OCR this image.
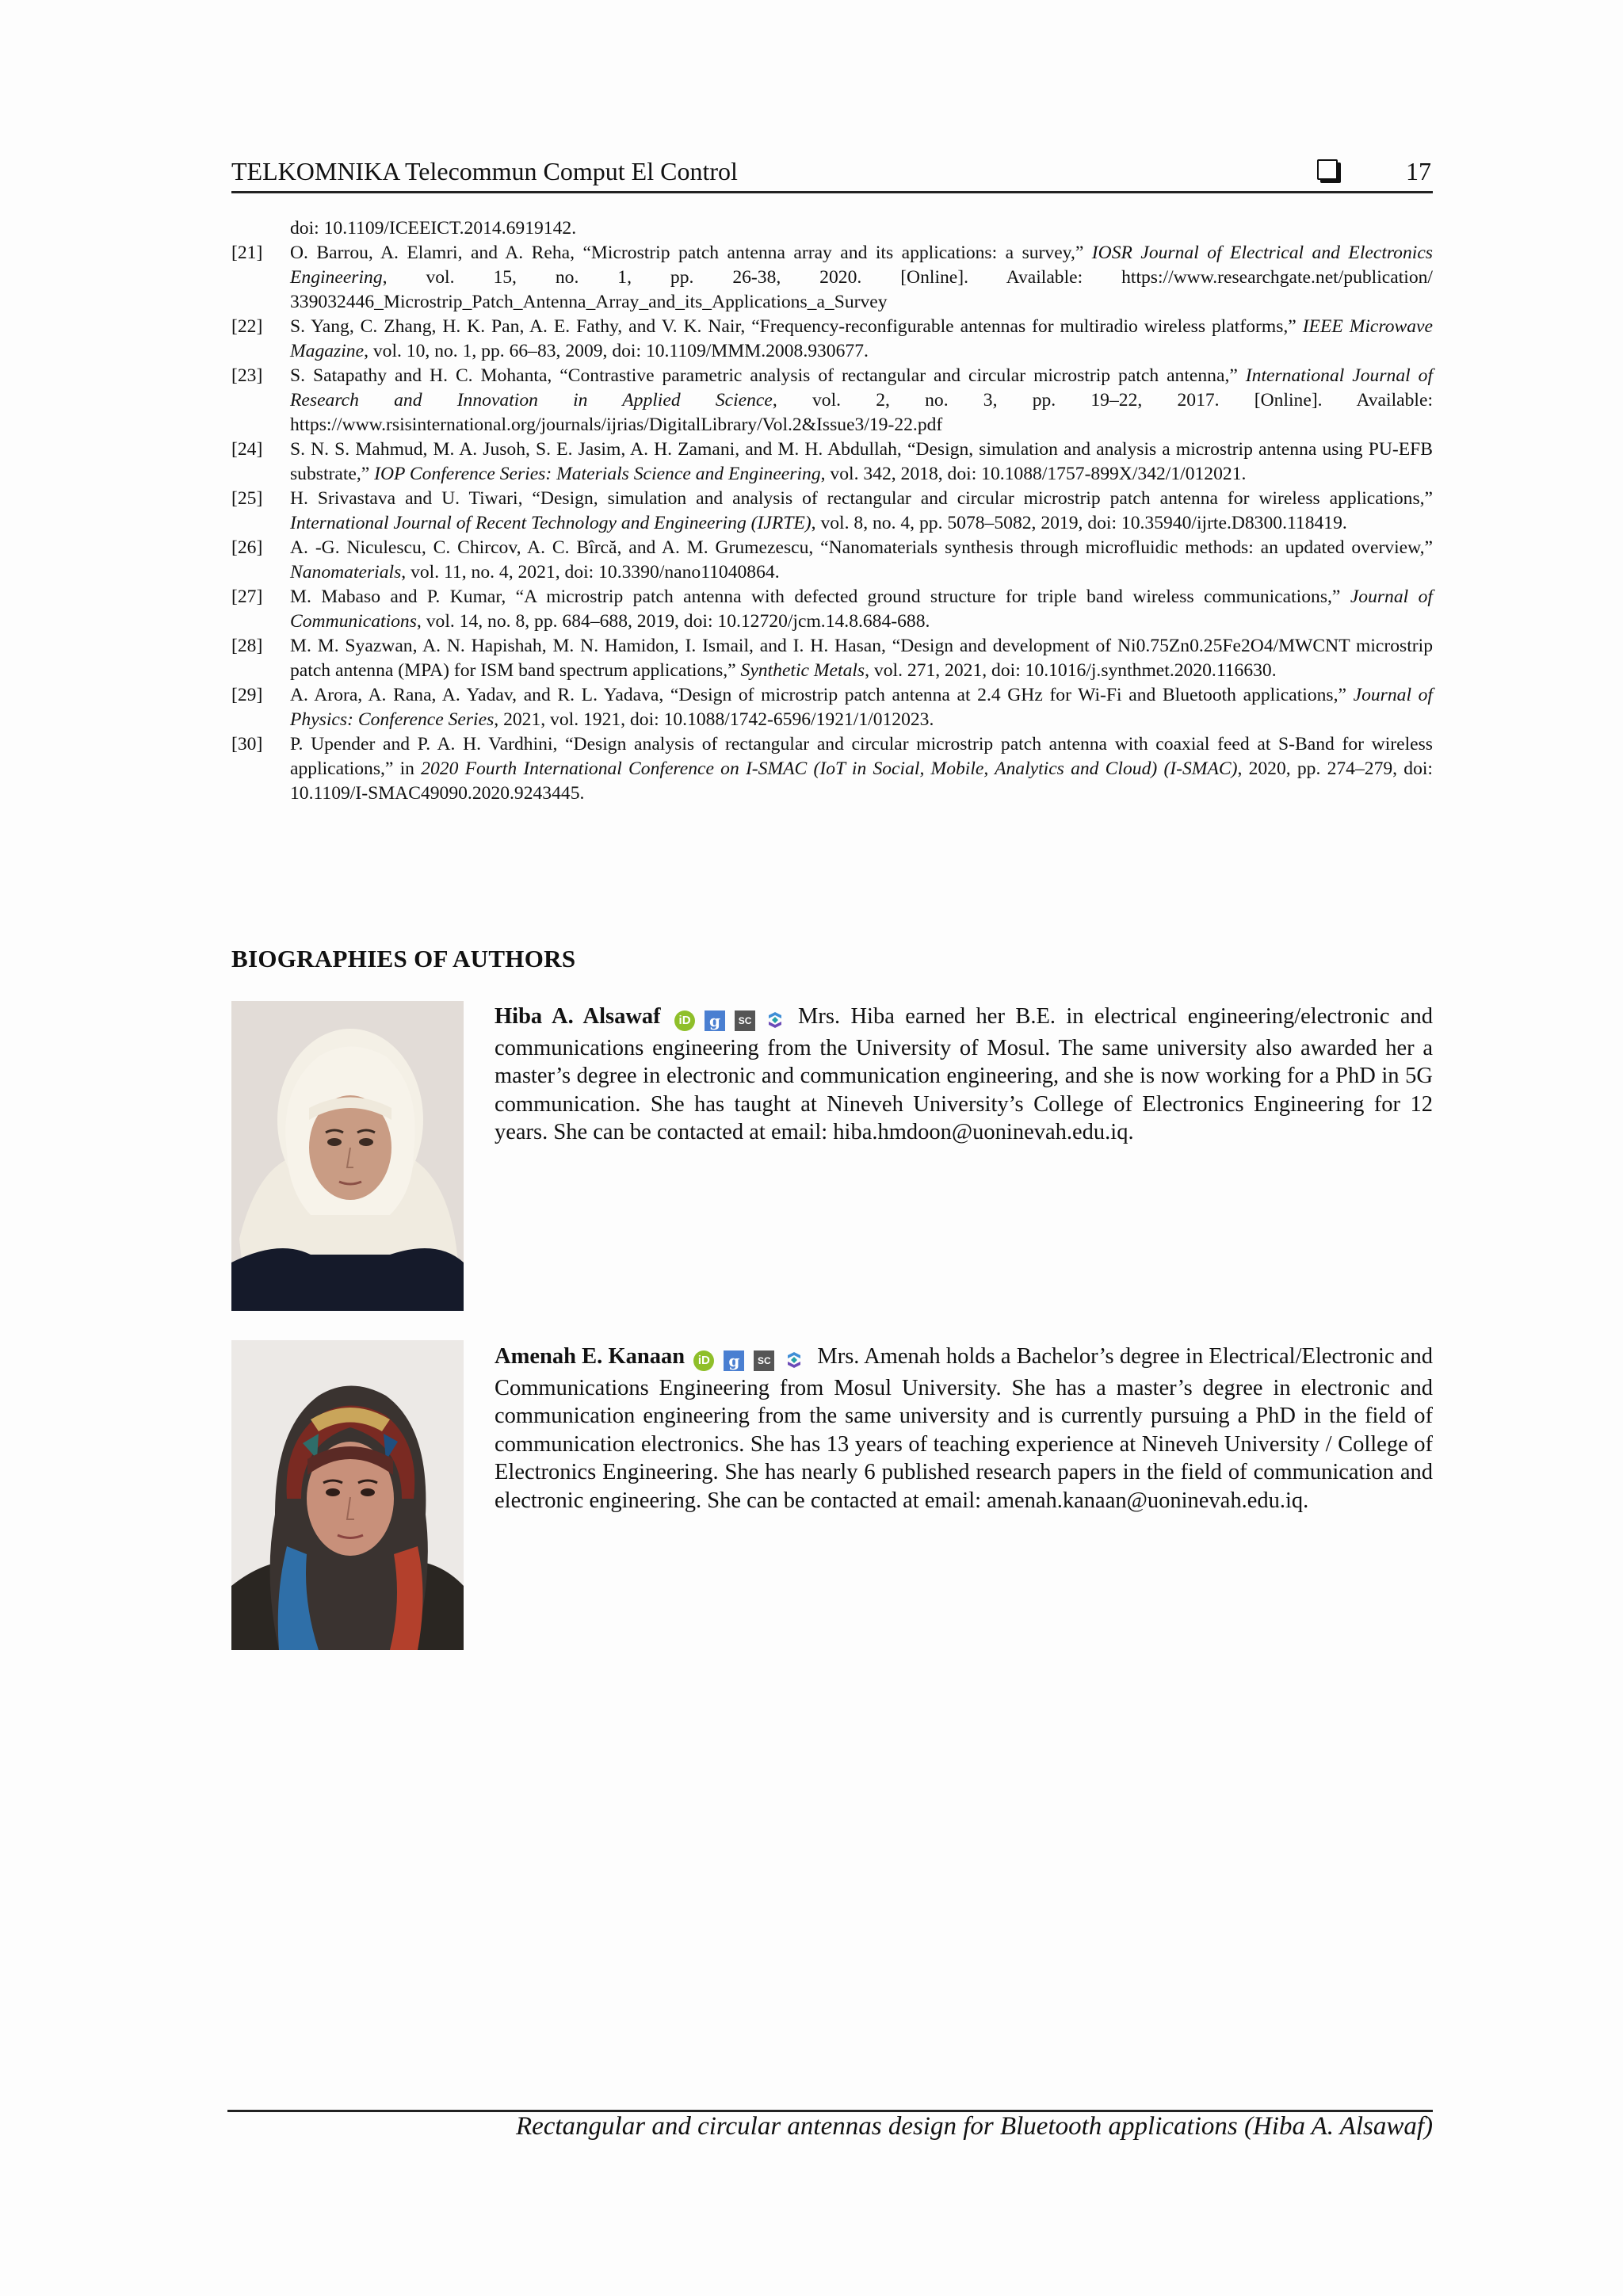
TELKOMNIKA Telecommun Comput El Control	17
doi: 10.1109/ICEEICT.2014.6919142.
[21]	O. Barrou, A. Elamri, and A. Reha, “Microstrip patch antenna array and its applications: a survey,” IOSR Journal of Electrical and Electronics Engineering, vol. 15, no. 1, pp. 26-38, 2020. [Online]. Available: https://www.researchgate.net/publication/ 339032446_Microstrip_Patch_Antenna_Array_and_its_Applications_a_Survey
[22]	S. Yang, C. Zhang, H. K. Pan, A. E. Fathy, and V. K. Nair, “Frequency-reconfigurable antennas for multiradio wireless platforms,” IEEE Microwave Magazine, vol. 10, no. 1, pp. 66–83, 2009, doi: 10.1109/MMM.2008.930677.
[23]	S. Satapathy and H. C. Mohanta, “Contrastive parametric analysis of rectangular and circular microstrip patch antenna,” International Journal of Research and Innovation in Applied Science, vol. 2, no. 3, pp. 19–22, 2017. [Online]. Available: https://www.rsisinternational.org/journals/ijrias/DigitalLibrary/Vol.2&Issue3/19-22.pdf
[24]	S. N. S. Mahmud, M. A. Jusoh, S. E. Jasim, A. H. Zamani, and M. H. Abdullah, “Design, simulation and analysis a microstrip antenna using PU-EFB substrate,” IOP Conference Series: Materials Science and Engineering, vol. 342, 2018, doi: 10.1088/1757-899X/342/1/012021.
[25]	H. Srivastava and U. Tiwari, “Design, simulation and analysis of rectangular and circular microstrip patch antenna for wireless applications,” International Journal of Recent Technology and Engineering (IJRTE), vol. 8, no. 4, pp. 5078–5082, 2019, doi: 10.35940/ijrte.D8300.118419.
[26]	A. -G. Niculescu, C. Chircov, A. C. Bîrcă, and A. M. Grumezescu, “Nanomaterials synthesis through microfluidic methods: an updated overview,” Nanomaterials, vol. 11, no. 4, 2021, doi: 10.3390/nano11040864.
[27]	M. Mabaso and P. Kumar, “A microstrip patch antenna with defected ground structure for triple band wireless communications,” Journal of Communications, vol. 14, no. 8, pp. 684–688, 2019, doi: 10.12720/jcm.14.8.684-688.
[28]	M. M. Syazwan, A. N. Hapishah, M. N. Hamidon, I. Ismail, and I. H. Hasan, “Design and development of Ni0.75Zn0.25Fe2O4/MWCNT microstrip patch antenna (MPA) for ISM band spectrum applications,” Synthetic Metals, vol. 271, 2021, doi: 10.1016/j.synthmet.2020.116630.
[29]	A. Arora, A. Rana, A. Yadav, and R. L. Yadava, “Design of microstrip patch antenna at 2.4 GHz for Wi-Fi and Bluetooth applications,” Journal of Physics: Conference Series, 2021, vol. 1921, doi: 10.1088/1742-6596/1921/1/012023.
[30]	P. Upender and P. A. H. Vardhini, “Design analysis of rectangular and circular microstrip patch antenna with coaxial feed at S-Band for wireless applications,” in 2020 Fourth International Conference on I-SMAC (IoT in Social, Mobile, Analytics and Cloud) (I-SMAC), 2020, pp. 274–279, doi: 10.1109/I-SMAC49090.2020.9243445.
BIOGRAPHIES OF AUTHORS
Hiba A. Alsawaf iD g SC Mrs. Hiba earned her B.E. in electrical engineering/electronic and communications engineering from the University of Mosul. The same university also awarded her a master’s degree in electronic and communication engineering, and she is now working for a PhD in 5G communication. She has taught at Nineveh University’s College of Electronics Engineering for 12 years. She can be contacted at email: hiba.hmdoon@uoninevah.edu.iq.
Amenah E. Kanaan iD g SC Mrs. Amenah holds a Bachelor’s degree in Electrical/Electronic and Communications Engineering from Mosul University. She has a master’s degree in electronic and communication engineering from the same university and is currently pursuing a PhD in the field of communication electronics. She has 13 years of teaching experience at Nineveh University / College of Electronics Engineering. She has nearly 6 published research papers in the field of communication and electronic engineering. She can be contacted at email: amenah.kanaan@uoninevah.edu.iq.
Rectangular and circular antennas design for Bluetooth applications (Hiba A. Alsawaf)
